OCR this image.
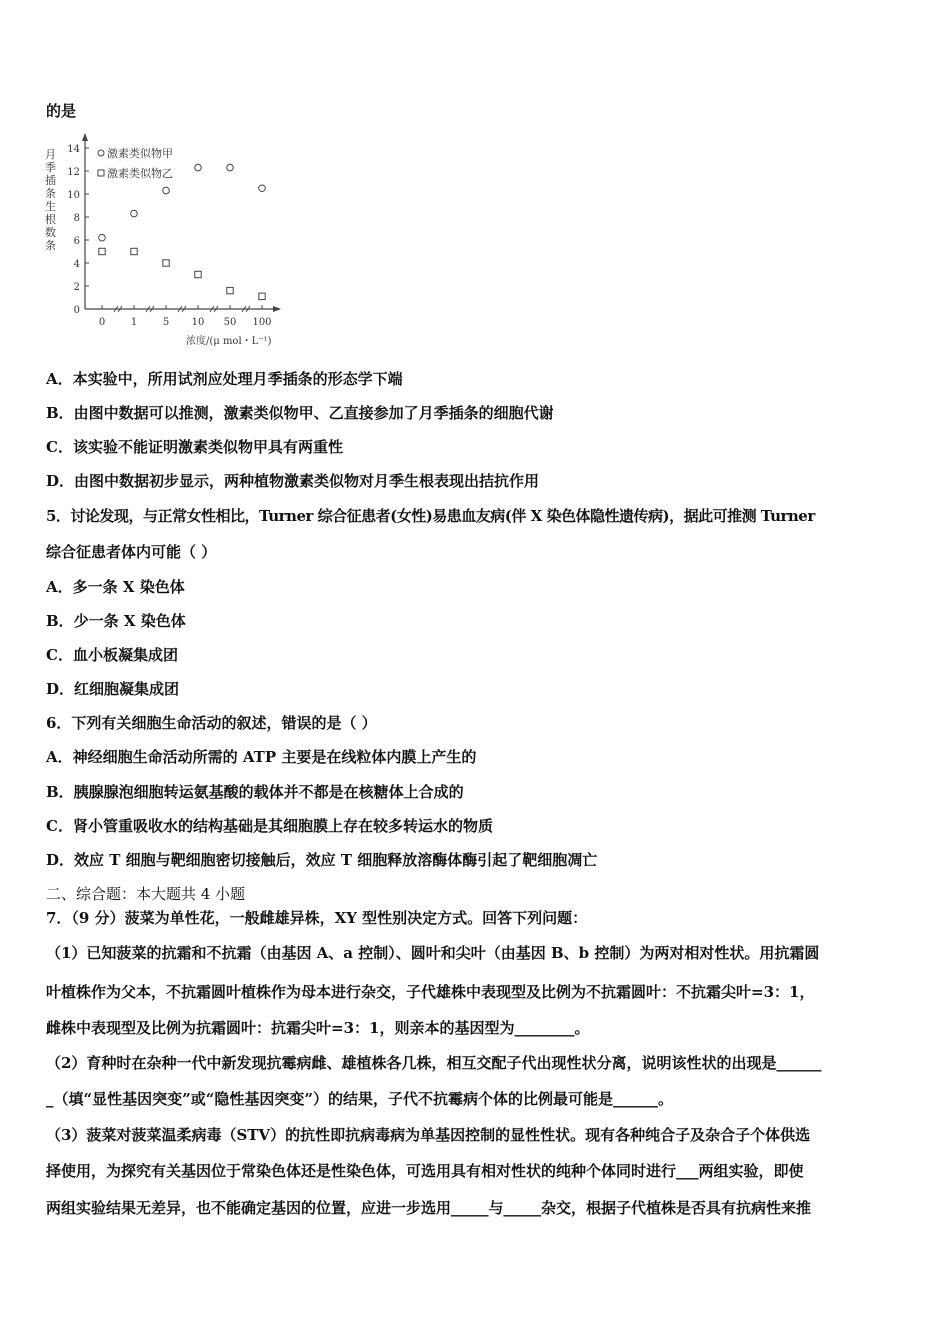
的是
月
季
插
条
生
根
数
条
0
2
4
6
8
10
12
14
0	1	5 10 50 100
激素类似物甲
激素类似物乙
浓度/(μ mol・L⁻¹)
A．本实验中，所用试剂应处理月季插条的形态学下端
B．由图中数据可以推测，激素类似物甲、乙直接参加了月季插条的细胞代谢
C．该实验不能证明激素类似物甲具有两重性
D．由图中数据初步显示，两种植物激素类似物对月季生根表现出拮抗作用
5．讨论发现，与正常女性相比，Turner 综合征患者(女性)易患血友病(伴 X 染色体隐性遗传病)，据此可推测 Turner
综合征患者体内可能（ ）
A．多一条 X 染色体
B．少一条 X 染色体
C．血小板凝集成团
D．红细胞凝集成团
6．下列有关细胞生命活动的叙述，错误的是（ ）
A．神经细胞生命活动所需的 ATP 主要是在线粒体内膜上产生的
B．胰腺腺泡细胞转运氨基酸的载体并不都是在核糖体上合成的
C．肾小管重吸收水的结构基础是其细胞膜上存在较多转运水的物质
D．效应 T 细胞与靶细胞密切接触后，效应 T 细胞释放溶酶体酶引起了靶细胞凋亡
二、综合题：本大题共 4 小题
7．（9 分）菠菜为单性花，一般雌雄异株，XY 型性别决定方式。回答下列问题：
（1）已知菠菜的抗霜和不抗霜（由基因 A、a 控制）、圆叶和尖叶（由基因 B、b 控制）为两对相对性状。用抗霜圆
叶植株作为父本，不抗霜圆叶植株作为母本进行杂交，子代雄株中表现型及比例为不抗霜圆叶：不抗霜尖叶=3：1，
雌株中表现型及比例为抗霜圆叶：抗霜尖叶=3：1，则亲本的基因型为________。
（2）育种时在杂种一代中新发现抗霉病雌、雄植株各几株，相互交配子代出现性状分离，说明该性状的出现是______
_（填“显性基因突变”或“隐性基因突变”）的结果，子代不抗霉病个体的比例最可能是______。
（3）菠菜对菠菜温柔病毒（STV）的抗性即抗病毒病为单基因控制的显性性状。现有各种纯合子及杂合子个体供选
择使用，为探究有关基因位于常染色体还是性染色体，可选用具有相对性状的纯种个体同时进行___两组实验，即使
两组实验结果无差异，也不能确定基因的位置，应进一步选用_____与_____杂交，根据子代植株是否具有抗病性来推
